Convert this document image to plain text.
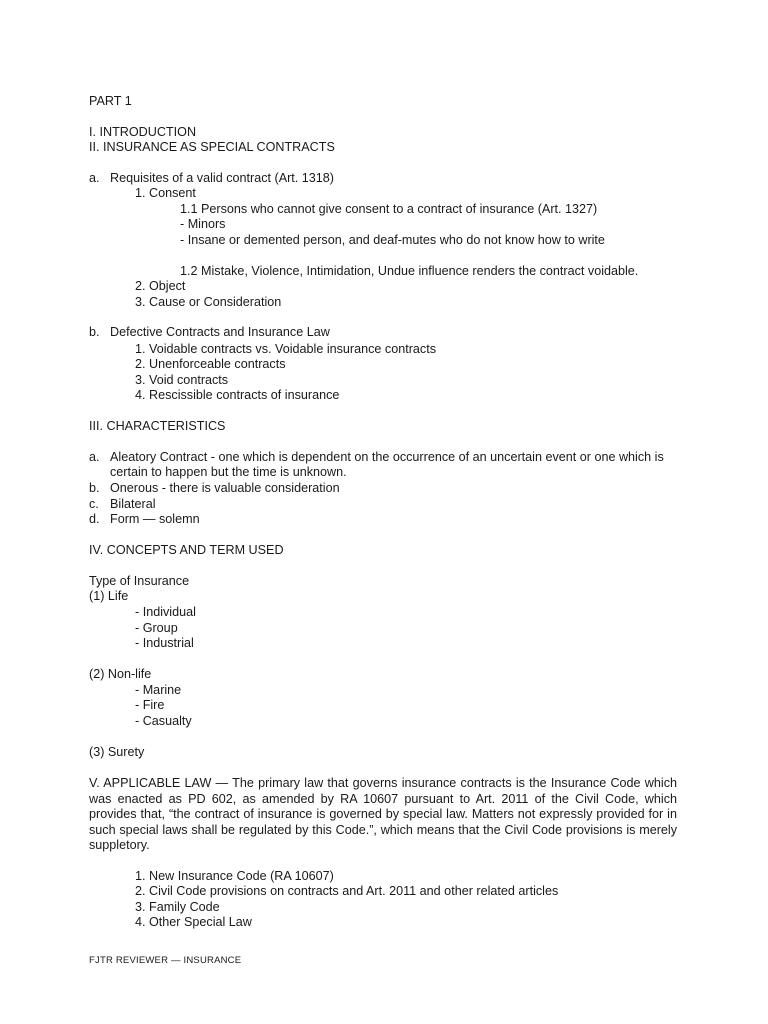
PART 1
I. INTRODUCTION
II. INSURANCE AS SPECIAL CONTRACTS
a. Requisites of a valid contract (Art. 1318)
1. Consent
1.1 Persons who cannot give consent to a contract of insurance (Art. 1327)
- Minors
- Insane or demented person, and deaf-mutes who do not know how to write
1.2 Mistake, Violence, Intimidation, Undue influence renders the contract voidable.
2. Object
3. Cause or Consideration
b. Defective Contracts and Insurance Law
1. Voidable contracts vs. Voidable insurance contracts
2. Unenforceable contracts
3. Void contracts
4. Rescissible contracts of insurance
III. CHARACTERISTICS
a. Aleatory Contract - one which is dependent on the occurrence of an uncertain event or one which is
certain to happen but the time is unknown.
b. Onerous - there is valuable consideration
c. Bilateral
d. Form — solemn
IV. CONCEPTS AND TERM USED
Type of Insurance
(1) Life
- Individual
- Group
- Industrial
(2) Non-life
- Marine
- Fire
- Casualty
(3) Surety
V. APPLICABLE LAW — The primary law that governs insurance contracts is the Insurance Code which was enacted as PD 602, as amended by RA 10607 pursuant to Art. 2011 of the Civil Code, which provides that, “the contract of insurance is governed by special law. Matters not expressly provided for in such special laws shall be regulated by this Code.”, which means that the Civil Code provisions is merely suppletory.
1. New Insurance Code (RA 10607)
2. Civil Code provisions on contracts and Art. 2011 and other related articles
3. Family Code
4. Other Special Law
FJTR REVIEWER — INSURANCE
